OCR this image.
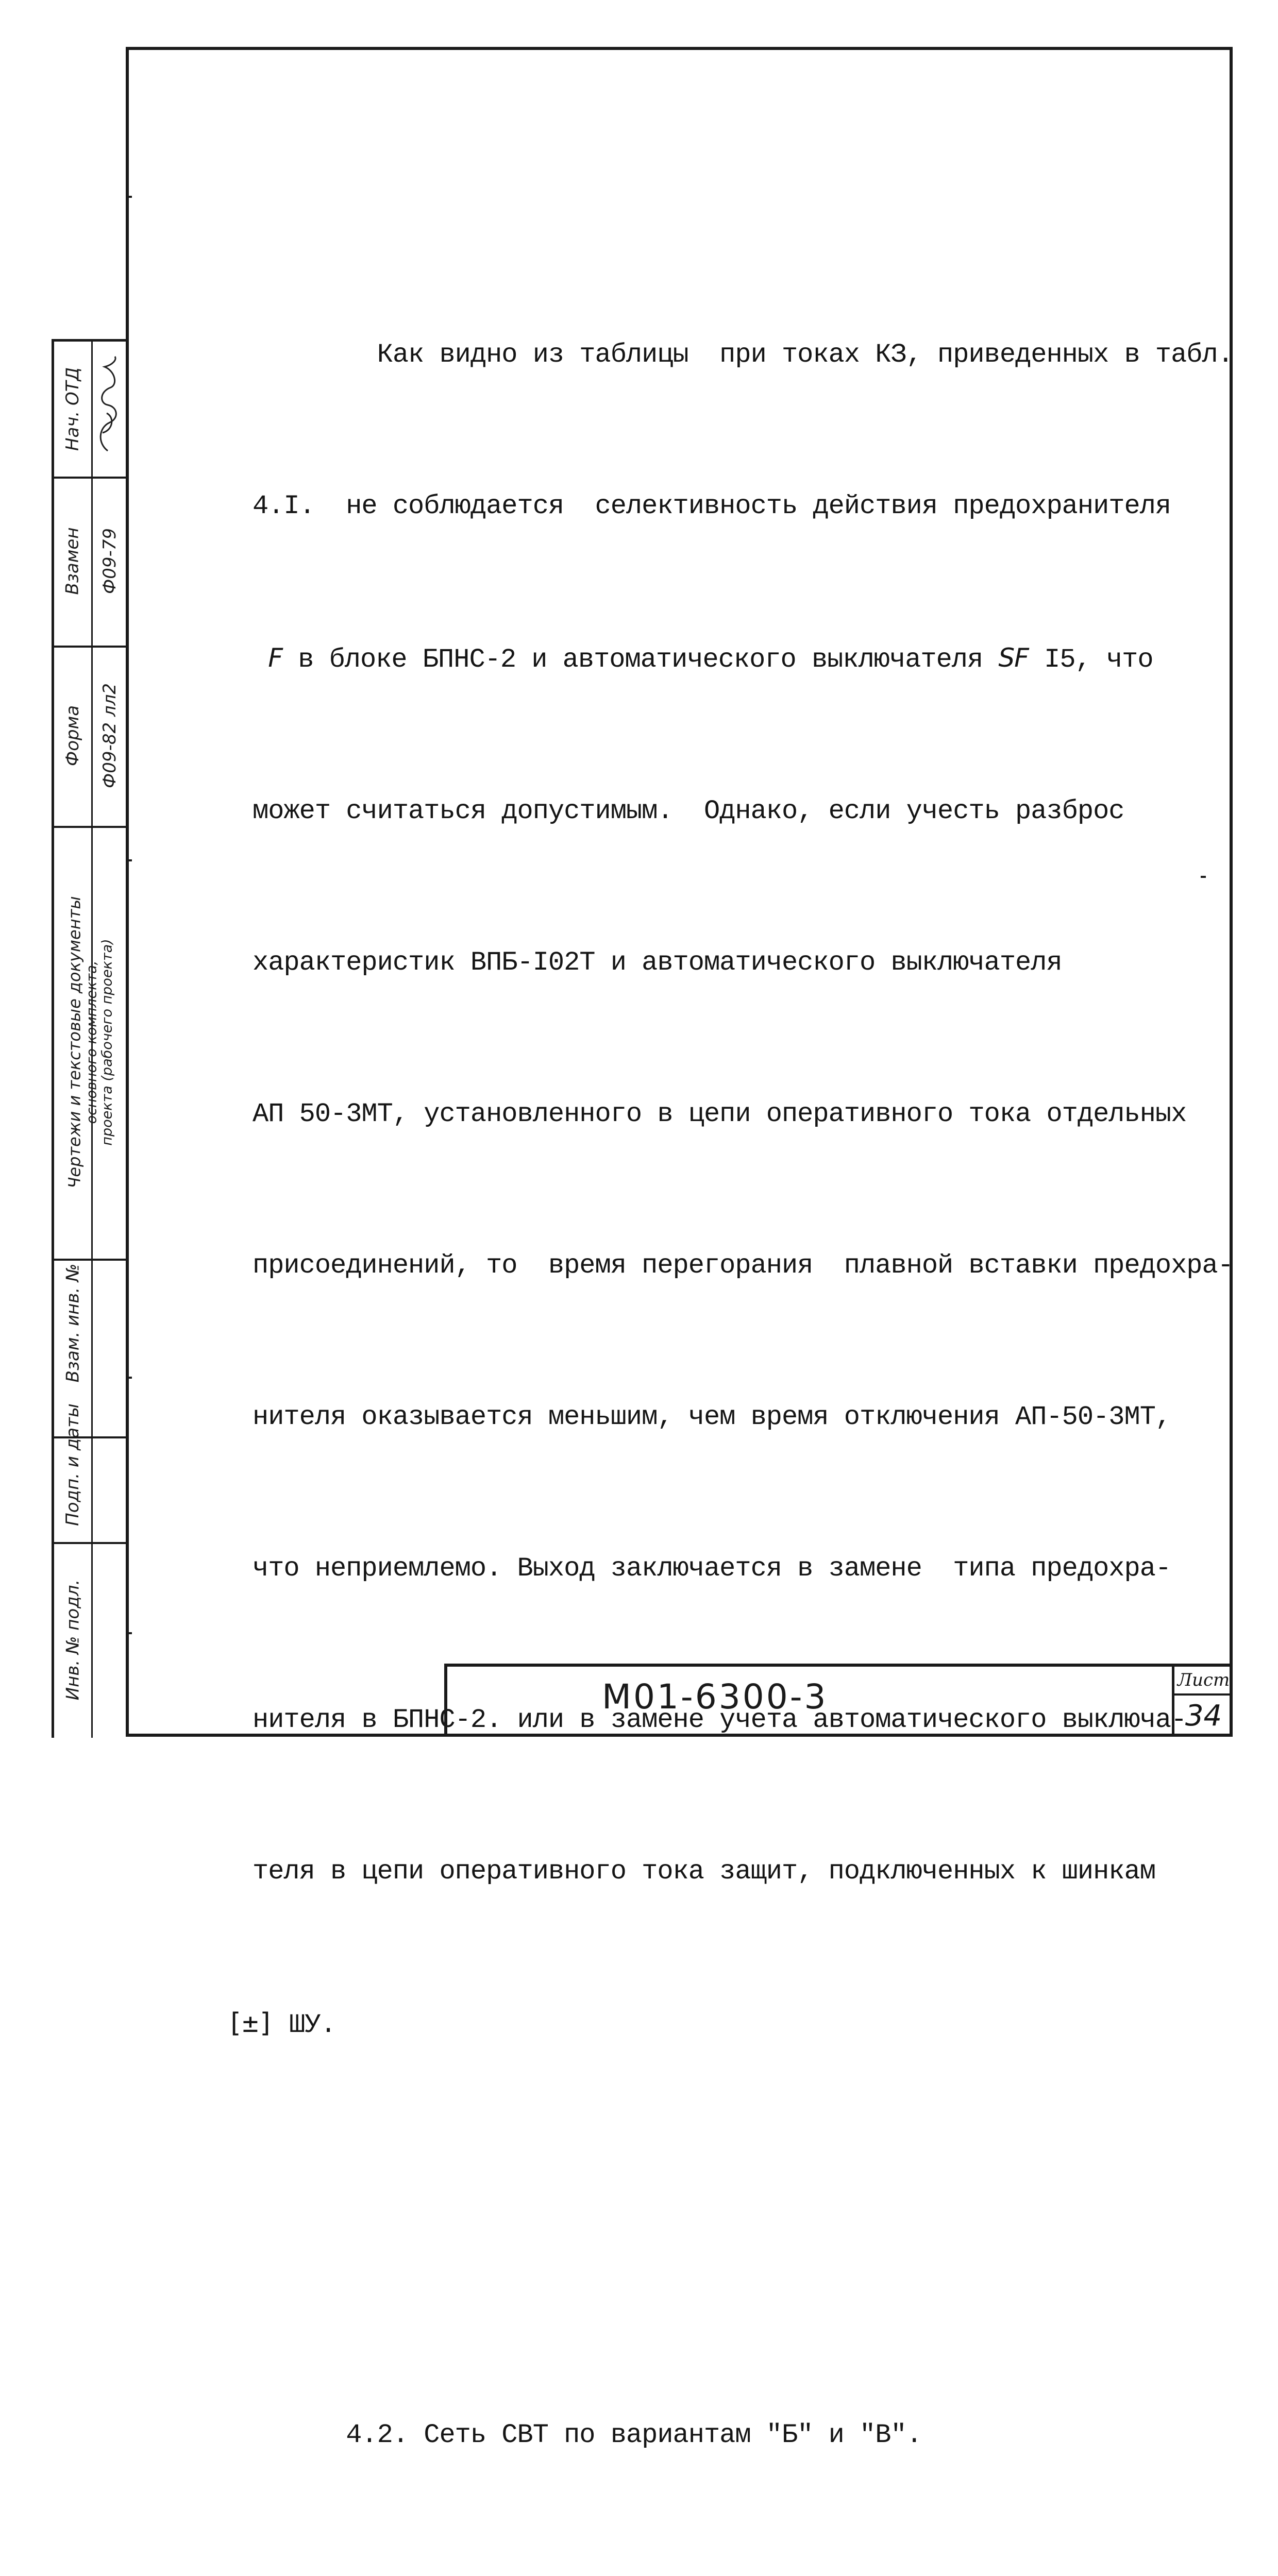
Как видно из таблицы  при токах КЗ, приведенных в табл.

4.I.  не соблюдается  селективность действия предохранителя

F в блоке БПНС-2 и автоматического выключателя SF I5, что

может считаться допустимым.  Однако, если учесть разброс

характеристик ВПБ-I02T и автоматического выключателя

АП 50-3МТ, установленного в цепи оперативного тока отдельных

присоединений, то  время перегорания  плавной вставки предохра-

нителя оказывается меньшим, чем время отключения АП-50-3МТ,

что неприемлемо. Выход заключается в замене  типа предохра-

нителя в БПНС-2. или в замене учета автоматического выключа-

теля в цепи оперативного тока защит, подключенных к шинкам

[±] ШУ.

4.2. Сеть СВТ по вариантам "Б" и "В".

Нач. ОТД
Взамен Ф09-79
Форма Ф09-82 лл2
Чертежи и текстовые документы основного комплекта, проекта (рабочего проекта)
Взам. инв. №
Подп. и даты
Инв. № подл.	М01-6300-3	Лист
34
